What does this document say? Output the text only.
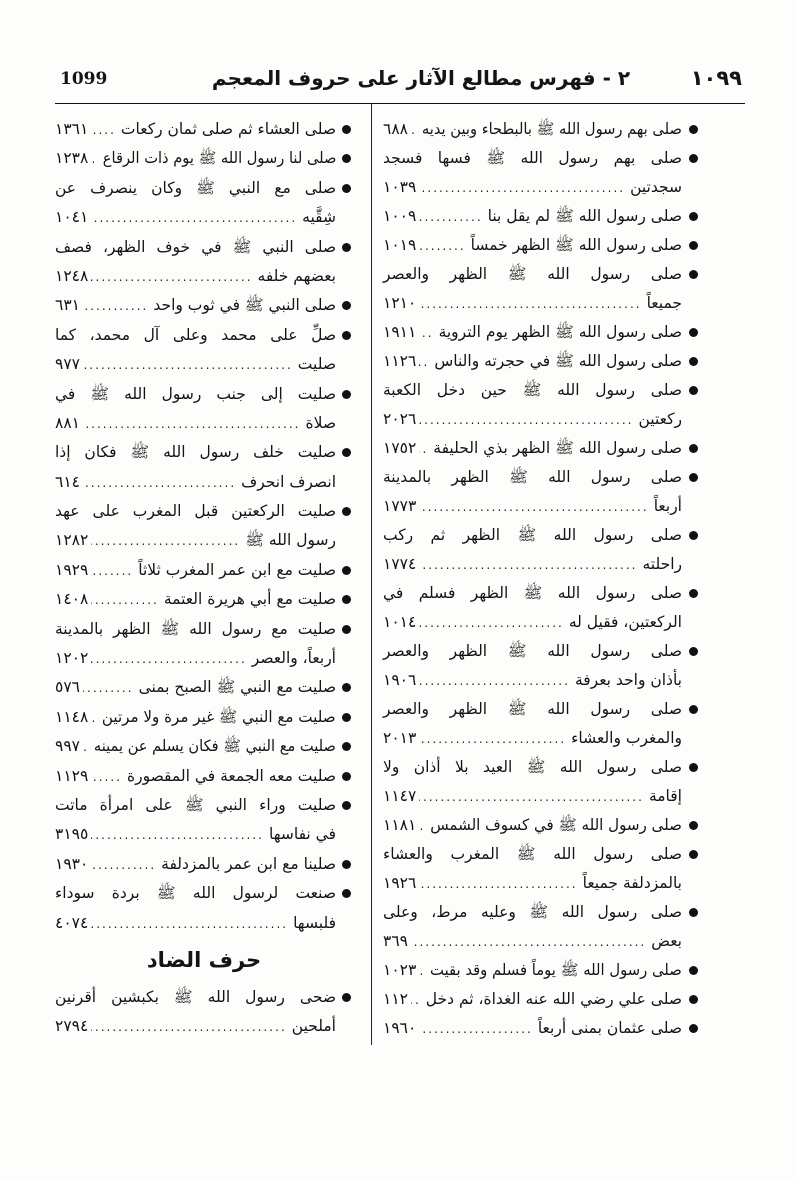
1099	٢ - فهرس مطالع الآثار على حروف المعجم	١٠٩٩
صلى بهم رسول الله ﷺ بالبطحاء وبين يديه
.....
٦٨٨
صلى بهم رسول الله ﷺ فسها فسجد
سجدتين
.....
١٠٣٩
صلى رسول الله ﷺ لم يقل بنا
.....
١٠٠٩
صلى رسول الله ﷺ الظهر خمساً
.....
١٠١٩
صلى رسول الله ﷺ الظهر والعصر
جميعاً
.....
١٢١٠
صلى رسول الله ﷺ الظهر يوم التروية
.....
١٩١١
صلى رسول الله ﷺ في حجرته والناس
.....
١١٢٦
صلى رسول الله ﷺ حين دخل الكعبة
ركعتين
.....
٢٠٢٦
صلى رسول الله ﷺ الظهر بذي الحليفة
.....
١٧٥٢
صلى رسول الله ﷺ الظهر بالمدينة
أربعاً
.....
١٧٧٣
صلى رسول الله ﷺ الظهر ثم ركب
راحلته
.....
١٧٧٤
صلى رسول الله ﷺ الظهر فسلم في
الركعتين، فقيل له
.....
١٠١٤
صلى رسول الله ﷺ الظهر والعصر
بأذان واحد بعرفة
.....
١٩٠٦
صلى رسول الله ﷺ الظهر والعصر
والمغرب والعشاء
.....
٢٠١٣
صلى رسول الله ﷺ العيد بلا أذان ولا
إقامة
.....
١١٤٧
صلى رسول الله ﷺ في كسوف الشمس
.....
١١٨١
صلى رسول الله ﷺ المغرب والعشاء
بالمزدلفة جميعاً
.....
١٩٢٦
صلى رسول الله ﷺ وعليه مرط، وعلى
بعض
.....
٣٦٩
صلى رسول الله ﷺ يوماً فسلم وقد بقيت
.....
١٠٢٣
صلى علي رضي الله عنه الغداة، ثم دخل
.....
١١٢
صلى عثمان بمنى أربعاً
.....
١٩٦٠
صلى العشاء ثم صلى ثمان ركعات
.....
١٣٦١
صلى لنا رسول الله ﷺ يوم ذات الرقاع
.....
١٢٣٨
صلى مع النبي ﷺ وكان ينصرف عن
شِقَّيه
.....
١٠٤١
صلى النبي ﷺ في خوف الظهر، فصف
بعضهم خلفه
.....
١٢٤٨
صلى النبي ﷺ في ثوب واحد
.....
٦٣١
صلِّ على محمد وعلى آل محمد، كما
صليت
.....
٩٧٧
صليت إلى جنب رسول الله ﷺ في
صلاة
.....
٨٨١
صليت خلف رسول الله ﷺ فكان إذا
انصرف انحرف
.....
٦١٤
صليت الركعتين قبل المغرب على عهد
رسول الله ﷺ
.....
١٢٨٢
صليت مع ابن عمر المغرب ثلاثاً
.....
١٩٢٩
صليت مع أبي هريرة العتمة
.....
١٤٠٨
صليت مع رسول الله ﷺ الظهر بالمدينة
أربعاً، والعصر
.....
١٢٠٢
صليت مع النبي ﷺ الصبح بمنى
.....
٥٧٦
صليت مع النبي ﷺ غير مرة ولا مرتين
.....
١١٤٨
صليت مع النبي ﷺ فكان يسلم عن يمينه
.....
٩٩٧
صليت معه الجمعة في المقصورة
.....
١١٢٩
صليت وراء النبي ﷺ على امرأة ماتت
في نفاسها
.....
٣١٩٥
صلينا مع ابن عمر بالمزدلفة
.....
١٩٣٠
صنعت لرسول الله ﷺ بردة سوداء
فلبسها
.....
٤٠٧٤
حرف الضاد
ضحى رسول الله ﷺ بكبشين أقرنين
أملحين
.....
٢٧٩٤
